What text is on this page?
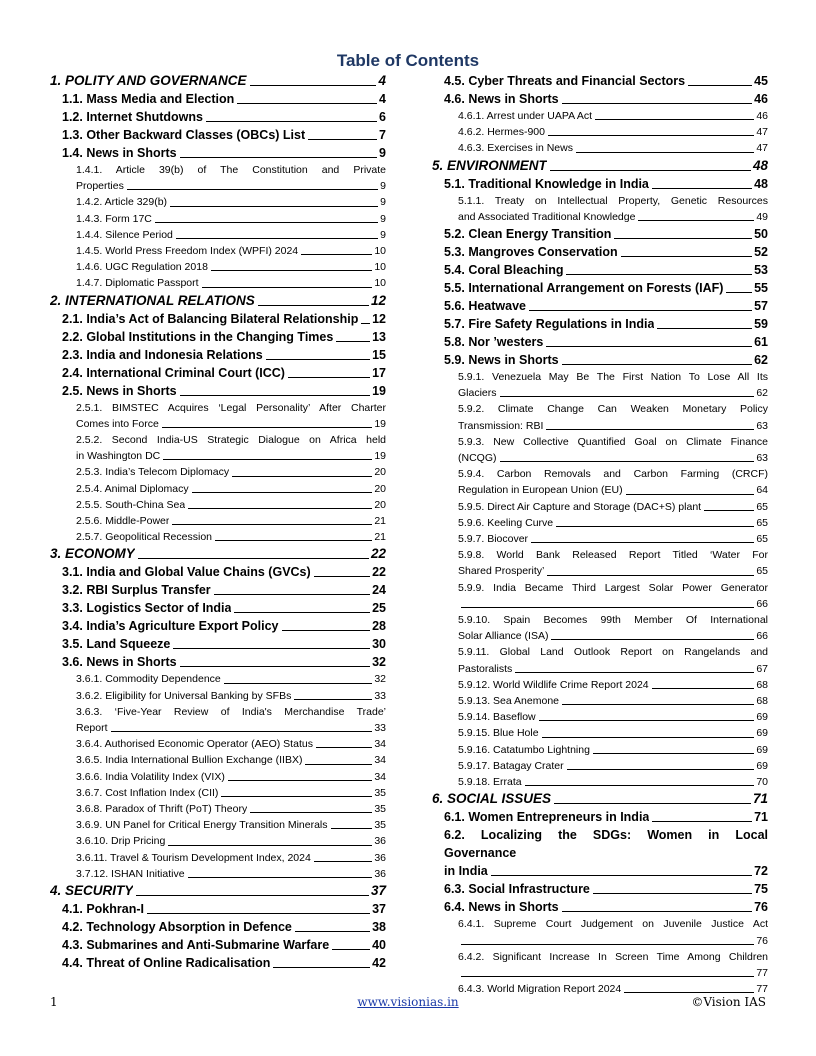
Table of Contents
1. POLITY AND GOVERNANCE	4
1.1. Mass Media and Election	4
1.2. Internet Shutdowns	6
1.3. Other Backward Classes (OBCs) List	7
1.4. News in Shorts	9
1.4.1. Article 39(b) of The Constitution and Private
Properties	9
1.4.2. Article 329(b)	9
1.4.3. Form 17C	9
1.4.4. Silence Period	9
1.4.5. World Press Freedom Index (WPFI) 2024	10
1.4.6. UGC Regulation 2018	10
1.4.7. Diplomatic Passport	10
2. INTERNATIONAL RELATIONS	12
2.1. India’s Act of Balancing Bilateral Relationship 12
2.2. Global Institutions in the Changing Times	13
2.3. India and Indonesia Relations	15
2.4. International Criminal Court (ICC)	17
2.5. News in Shorts	19
2.5.1. BIMSTEC Acquires ‘Legal Personality’ After Charter
Comes into Force	19
2.5.2. Second India-US Strategic Dialogue on Africa held
in Washington DC	19
2.5.3. India’s Telecom Diplomacy	20
2.5.4. Animal Diplomacy	20
2.5.5. South-China Sea	20
2.5.6. Middle-Power	21
2.5.7. Geopolitical Recession	21
3. ECONOMY	22
3.1. India and Global Value Chains (GVCs)	22
3.2. RBI Surplus Transfer	24
3.3. Logistics Sector of India	25
3.4. India’s Agriculture Export Policy	28
3.5. Land Squeeze	30
3.6. News in Shorts	32
3.6.1. Commodity Dependence	32
3.6.2. Eligibility for Universal Banking by SFBs	33
3.6.3. ‘Five-Year Review of India's Merchandise Trade’
Report	33
3.6.4. Authorised Economic Operator (AEO) Status	34
3.6.5. India International Bullion Exchange (IIBX)	34
3.6.6. India Volatility Index (VIX)	34
3.6.7. Cost Inflation Index (CII)	35
3.6.8. Paradox of Thrift (PoT) Theory	35
3.6.9. UN Panel for Critical Energy Transition Minerals	35
3.6.10. Drip Pricing	36
3.6.11. Travel & Tourism Development Index, 2024	36
3.7.12. ISHAN Initiative	36
4. SECURITY	37
4.1. Pokhran-I	37
4.2. Technology Absorption in Defence	38
4.3. Submarines and Anti-Submarine Warfare	40
4.4. Threat of Online Radicalisation	42
4.5. Cyber Threats and Financial Sectors	45
4.6. News in Shorts	46
4.6.1. Arrest under UAPA Act	46
4.6.2. Hermes-900	47
4.6.3. Exercises in News	47
5. ENVIRONMENT	48
5.1. Traditional Knowledge in India	48
5.1.1. Treaty on Intellectual Property, Genetic Resources
and Associated Traditional Knowledge	49
5.2. Clean Energy Transition	50
5.3. Mangroves Conservation	52
5.4. Coral Bleaching	53
5.5. International Arrangement on Forests (IAF) 55
5.6. Heatwave	57
5.7. Fire Safety Regulations in India	59
5.8. Nor ’westers	61
5.9. News in Shorts	62
5.9.1. Venezuela May Be The First Nation To Lose All Its
Glaciers	62
5.9.2. Climate Change Can Weaken Monetary Policy
Transmission: RBI	63
5.9.3. New Collective Quantified Goal on Climate Finance
(NCQG)	63
5.9.4. Carbon Removals and Carbon Farming (CRCF)
Regulation in European Union (EU)	64
5.9.5. Direct Air Capture and Storage (DAC+S) plant	65
5.9.6. Keeling Curve	65
5.9.7. Biocover	65
5.9.8. World Bank Released Report Titled ‘Water For
Shared Prosperity’	65
5.9.9. India Became Third Largest Solar Power Generator
66
5.9.10. Spain Becomes 99th Member Of International
Solar Alliance (ISA)	66
5.9.11. Global Land Outlook Report on Rangelands and
Pastoralists	67
5.9.12. World Wildlife Crime Report 2024	68
5.9.13. Sea Anemone	68
5.9.14. Baseflow	69
5.9.15. Blue Hole	69
5.9.16. Catatumbo Lightning	69
5.9.17. Batagay Crater	69
5.9.18. Errata	70
6. SOCIAL ISSUES	71
6.1. Women Entrepreneurs in India	71
6.2. Localizing the SDGs: Women in Local Governance
in India	72
6.3. Social Infrastructure	75
6.4. News in Shorts	76
6.4.1. Supreme Court Judgement on Juvenile Justice Act
76
6.4.2. Significant Increase In Screen Time Among Children
77
6.4.3. World Migration Report 2024	77
1	www.visionias.in	©Vision IAS
